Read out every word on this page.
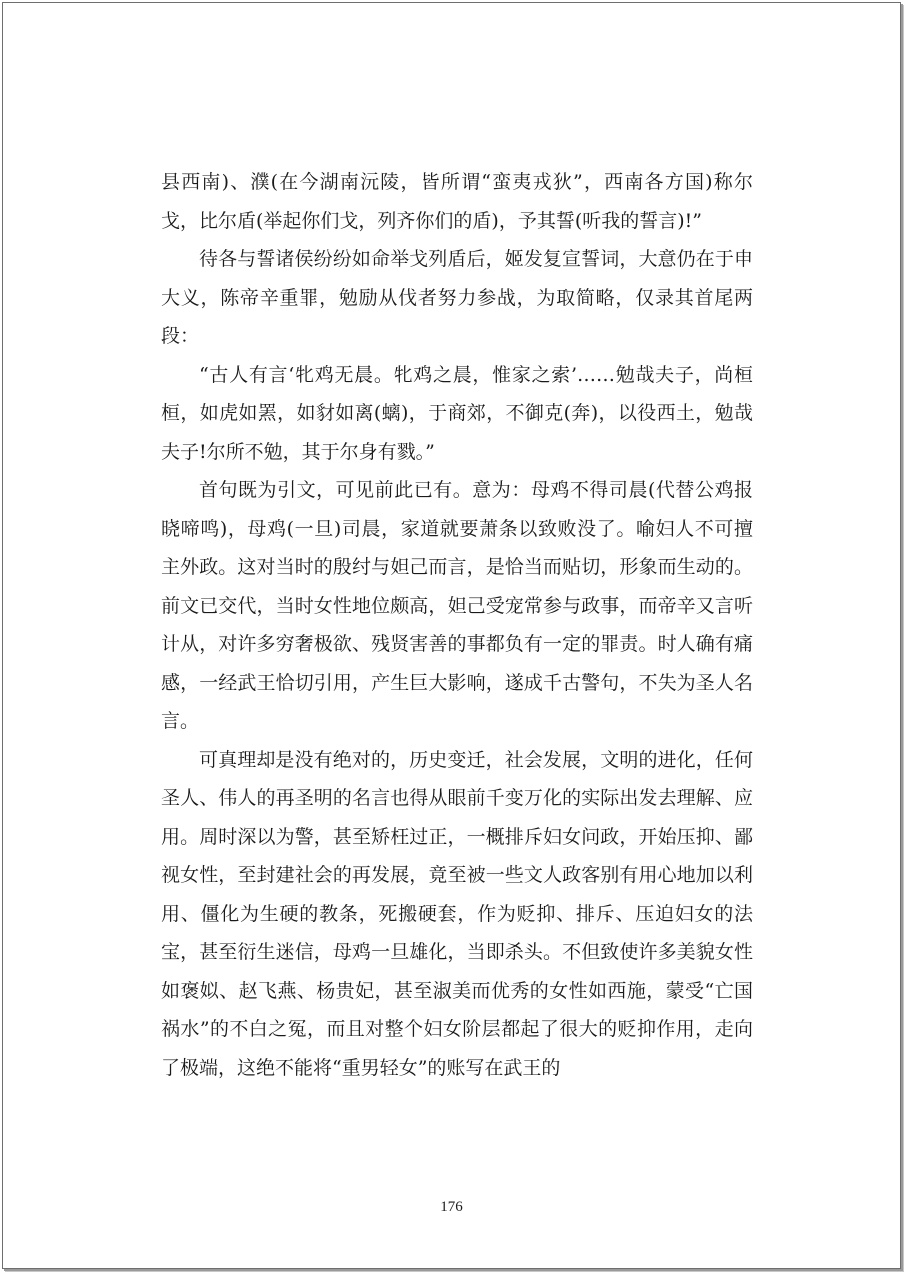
县西南)、濮(在今湖南沅陵，皆所谓“蛮夷戎狄”，西南各方国)称尔戈，比尔盾(举起你们戈，列齐你们的盾)，予其誓(听我的誓言)!”

待各与誓诸侯纷纷如命举戈列盾后，姬发复宣誓词，大意仍在于申大义，陈帝辛重罪，勉励从伐者努力参战，为取简略，仅录其首尾两段：

“古人有言‘牝鸡无晨。牝鸡之晨，惟家之索’……勉哉夫子，尚桓桓，如虎如罴，如豺如离(螭)，于商郊，不御克(奔)，以役西土，勉哉夫子!尔所不勉，其于尔身有戮。”

首句既为引文，可见前此已有。意为：母鸡不得司晨(代替公鸡报晓啼鸣)，母鸡(一旦)司晨，家道就要萧条以致败没了。喻妇人不可擅主外政。这对当时的殷纣与妲己而言，是恰当而贴切，形象而生动的。前文已交代，当时女性地位颇高，妲己受宠常参与政事，而帝辛又言听计从，对许多穷奢极欲、残贤害善的事都负有一定的罪责。时人确有痛感，一经武王恰切引用，产生巨大影响，遂成千古警句，不失为圣人名言。

可真理却是没有绝对的，历史变迁，社会发展，文明的进化，任何圣人、伟人的再圣明的名言也得从眼前千变万化的实际出发去理解、应用。周时深以为警，甚至矫枉过正，一概排斥妇女问政，开始压抑、鄙视女性，至封建社会的再发展，竟至被一些文人政客别有用心地加以利用、僵化为生硬的教条，死搬硬套，作为贬抑、排斥、压迫妇女的法宝，甚至衍生迷信，母鸡一旦雄化，当即杀头。不但致使许多美貌女性如褒姒、赵飞燕、杨贵妃，甚至淑美而优秀的女性如西施，蒙受“亡国祸水”的不白之冤，而且对整个妇女阶层都起了很大的贬抑作用，走向了极端，这绝不能将“重男轻女”的账写在武王的

176
